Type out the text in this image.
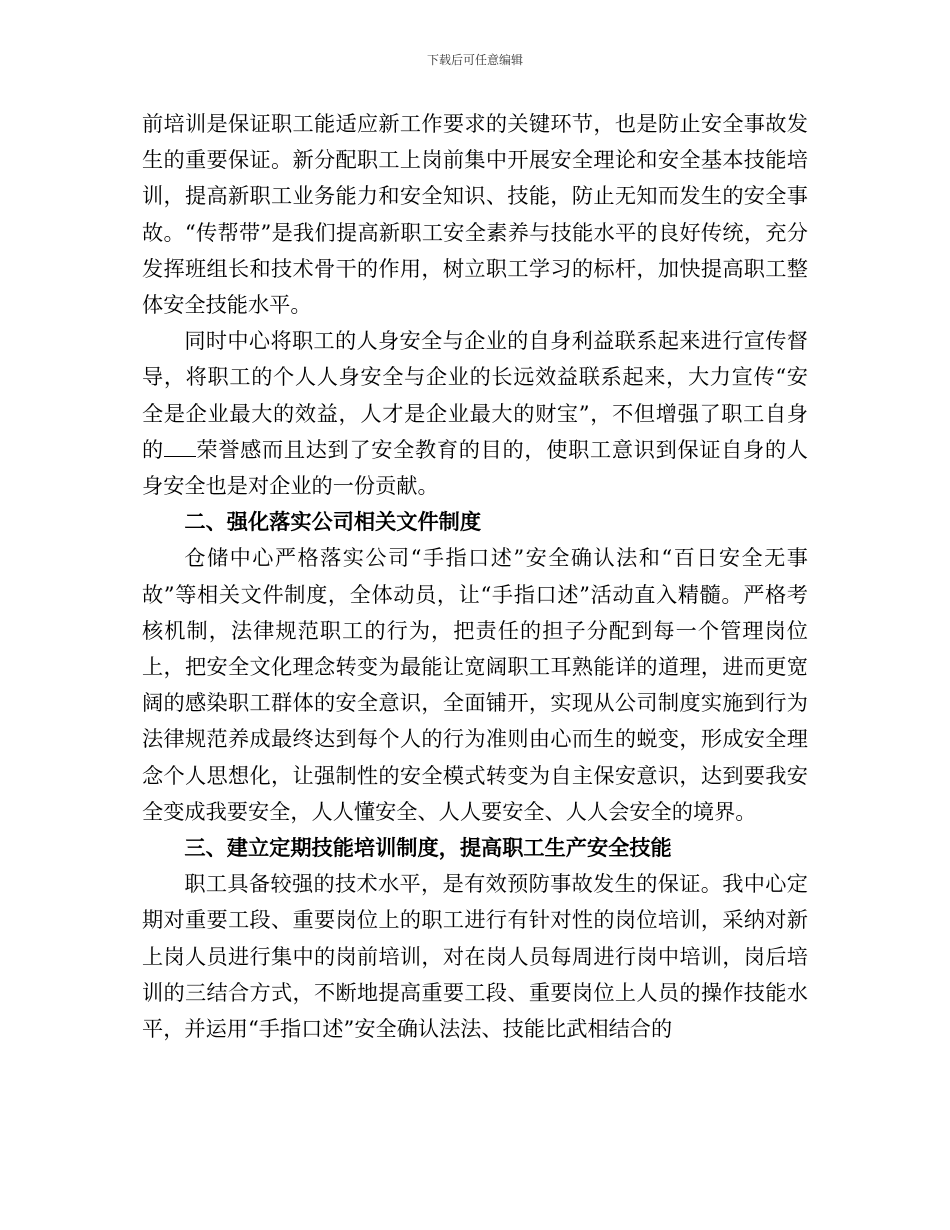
下载后可任意编辑

前培训是保证职工能适应新工作要求的关键环节，也是防止安全事故发生的重要保证。新分配职工上岗前集中开展安全理论和安全基本技能培训，提高新职工业务能力和安全知识、技能，防止无知而发生的安全事故。“传帮带”是我们提高新职工安全素养与技能水平的良好传统，充分发挥班组长和技术骨干的作用，树立职工学习的标杆，加快提高职工整体安全技能水平。

同时中心将职工的人身安全与企业的自身利益联系起来进行宣传督导，将职工的个人人身安全与企业的长远效益联系起来，大力宣传“安全是企业最大的效益，人才是企业最大的财宝”，不但增强了职工自身的 荣誉感而且达到了安全教育的目的，使职工意识到保证自身的人身安全也是对企业的一份贡献。

二、强化落实公司相关文件制度

仓储中心严格落实公司“手指口述”安全确认法和“百日安全无事故”等相关文件制度，全体动员，让“手指口述”活动直入精髓。严格考核机制，法律规范职工的行为，把责任的担子分配到每一个管理岗位上，把安全文化理念转变为最能让宽阔职工耳熟能详的道理，进而更宽阔的感染职工群体的安全意识，全面铺开，实现从公司制度实施到行为法律规范养成最终达到每个人的行为准则由心而生的蜕变，形成安全理念个人思想化，让强制性的安全模式转变为自主保安意识，达到要我安全变成我要安全，人人懂安全、人人要安全、人人会安全的境界。

三、建立定期技能培训制度，提高职工生产安全技能

职工具备较强的技术水平，是有效预防事故发生的保证。我中心定期对重要工段、重要岗位上的职工进行有针对性的岗位培训，采纳对新上岗人员进行集中的岗前培训，对在岗人员每周进行岗中培训，岗后培训的三结合方式，不断地提高重要工段、重要岗位上人员的操作技能水平，并运用“手指口述”安全确认法法、技能比武相结合的
